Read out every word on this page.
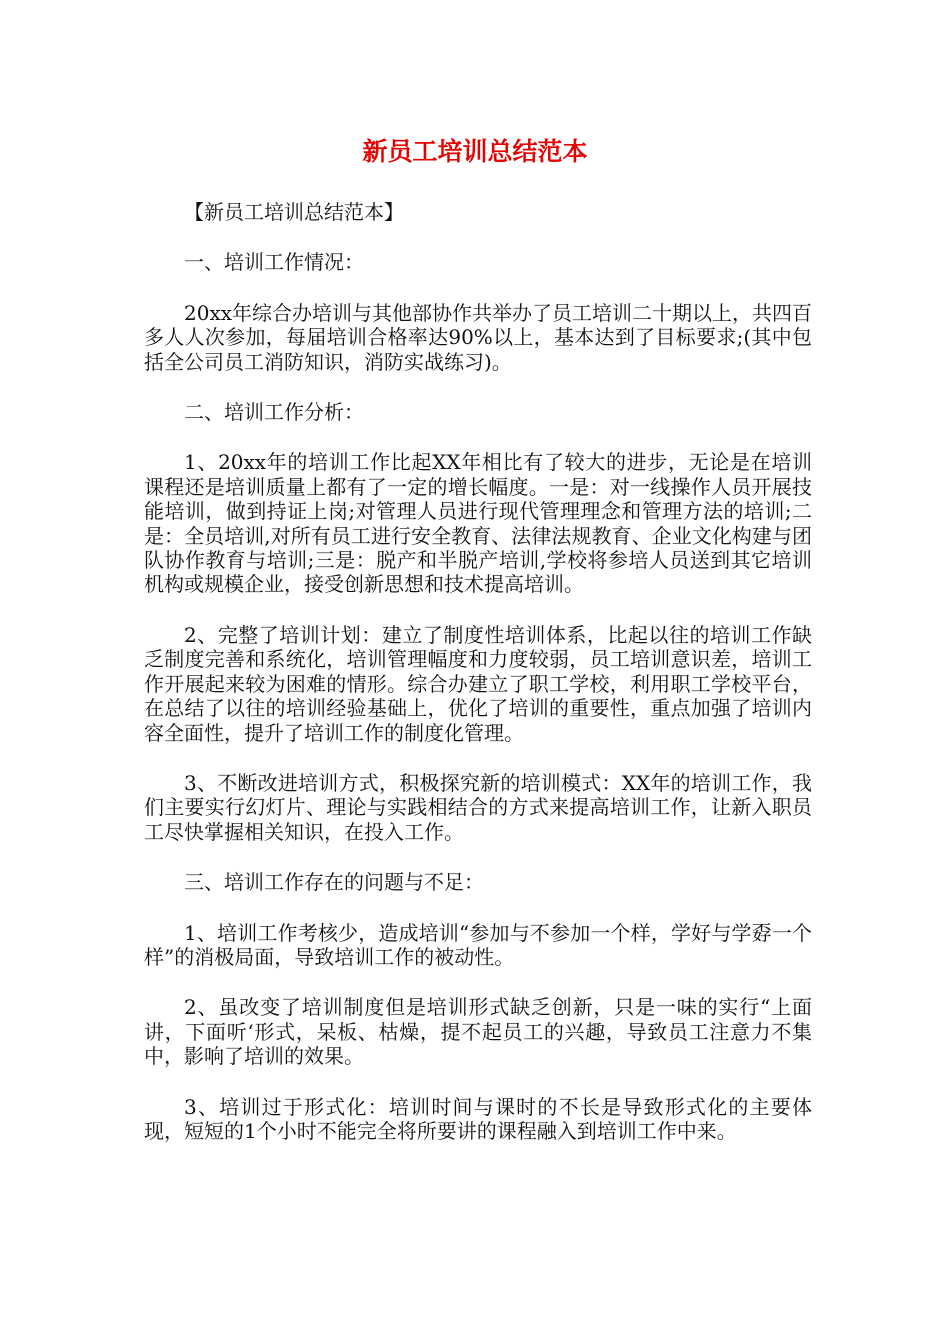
新员工培训总结范本

【新员工培训总结范本】

一、培训工作情况：

20xx年综合办培训与其他部协作共举办了员工培训二十期以上，共四百多人人次参加，每届培训合格率达90%以上，基本达到了目标要求;(其中包括全公司员工消防知识，消防实战练习)。

二、培训工作分析：

1、20xx年的培训工作比起XX年相比有了较大的进步，无论是在培训课程还是培训质量上都有了一定的增长幅度。一是：对一线操作人员开展技能培训，做到持证上岗;对管理人员进行现代管理理念和管理方法的培训;二是：全员培训,对所有员工进行安全教育、法律法规教育、企业文化构建与团队协作教育与培训;三是：脱产和半脱产培训,学校将参培人员送到其它培训机构或规模企业，接受创新思想和技术提高培训。

2、完整了培训计划：建立了制度性培训体系，比起以往的培训工作缺乏制度完善和系统化，培训管理幅度和力度较弱，员工培训意识差，培训工作开展起来较为困难的情形。综合办建立了职工学校，利用职工学校平台，在总结了以往的培训经验基础上，优化了培训的重要性，重点加强了培训内容全面性，提升了培训工作的制度化管理。

3、不断改进培训方式，积极探究新的培训模式：XX年的培训工作，我们主要实行幻灯片、理论与实践相结合的方式来提高培训工作，让新入职员工尽快掌握相关知识，在投入工作。

三、培训工作存在的问题与不足：

1、培训工作考核少，造成培训“参加与不参加一个样，学好与学孬一个样”的消极局面，导致培训工作的被动性。

2、虽改变了培训制度但是培训形式缺乏创新，只是一味的实行“上面讲，下面听‘形式，呆板、枯燥，提不起员工的兴趣，导致员工注意力不集中，影响了培训的效果。

3、培训过于形式化：培训时间与课时的不长是导致形式化的主要体现，短短的1个小时不能完全将所要讲的课程融入到培训工作中来。
